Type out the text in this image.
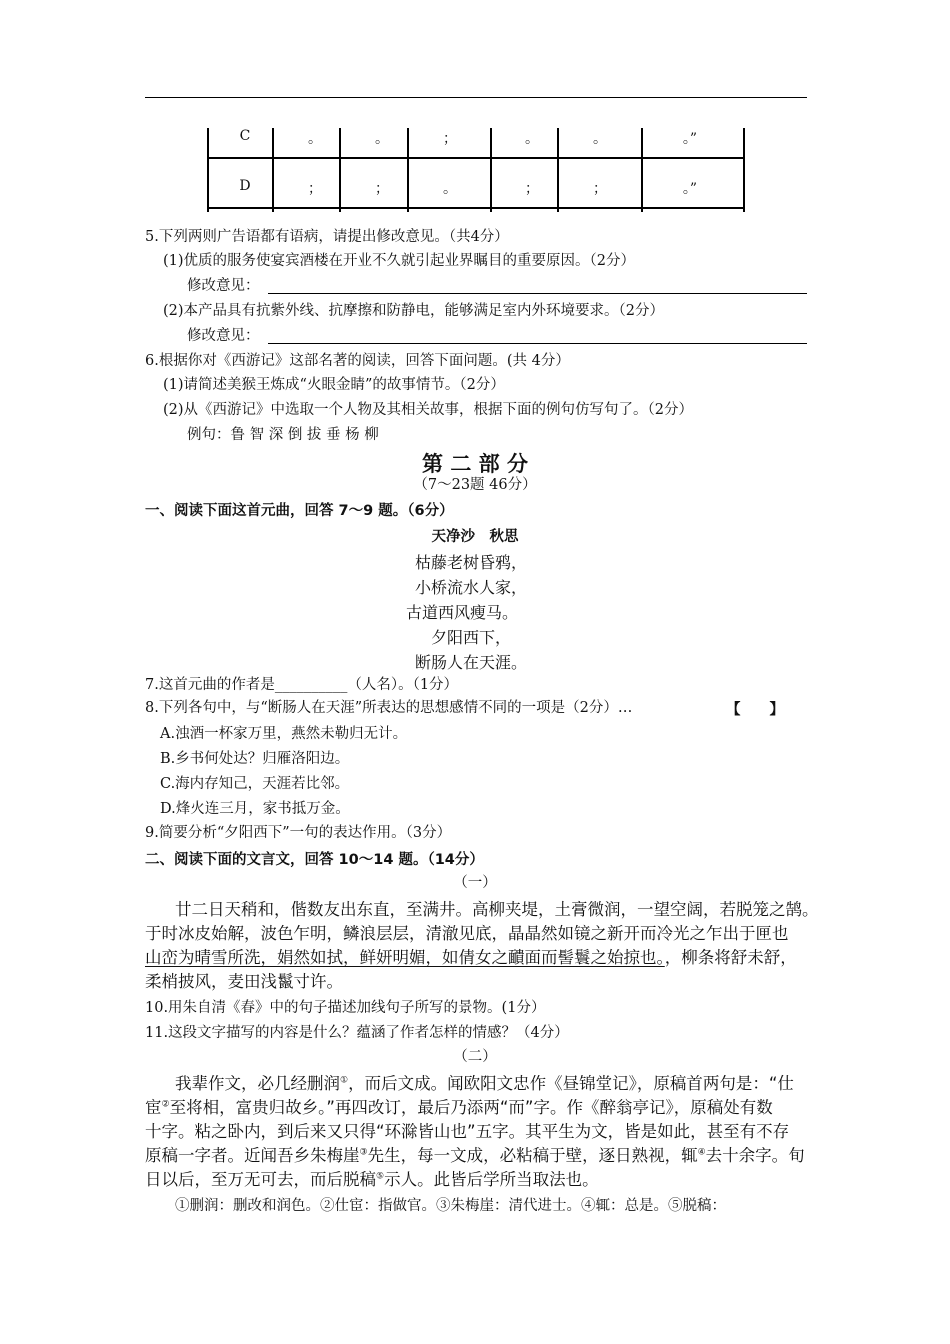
C	。	。	；	。	。	。”
D	；	；	。	；	；	。”
5.下列两则广告语都有语病，请提出修改意见。（共4分）
(1)优质的服务使宴宾酒楼在开业不久就引起业界瞩目的重要原因。（2分）
修改意见：
(2)本产品具有抗紫外线、抗摩擦和防静电，能够满足室内外环境要求。（2分）
修改意见：
6.根据你对《西游记》这部名著的阅读，回答下面问题。(共 4分）
(1)请简述美猴王炼成“火眼金睛”的故事情节。（2分）
(2)从《西游记》中选取一个人物及其相关故事，根据下面的例句仿写句了。（2分）
例句：鲁 智 深 倒 拔 垂 杨 柳
第 二 部 分
（7～23题 46分）
一、阅读下面这首元曲，回答 7～9 题。（6分）
天净沙　秋思
枯藤老树昏鸦，
小桥流水人家，
古道西风瘦马。
夕阳西下，
断肠人在天涯。
7.这首元曲的作者是__________（人名）。（1分）
8.下列各句中，与“断肠人在天涯”所表达的思想感情不同的一项是（2分）…	【　　】
A.浊酒一杯家万里，燕然未勒归无计。
B.乡书何处达？归雁洛阳边。
C.海内存知己，天涯若比邻。
D.烽火连三月，家书抵万金。
9.简要分析“夕阳西下”一句的表达作用。（3分）
二、阅读下面的文言文，回答 10～14 题。（14分）
（一）
廿二日天稍和，偕数友出东直，至满井。高柳夹堤，土膏微润，一望空阔，若脱笼之鹄。
于时冰皮始解，波色乍明，鳞浪层层，清澈见底，晶晶然如镜之新开而冷光之乍出于匣也
山峦为晴雪所洗，娟然如拭，鲜妍明媚，如倩女之靧面而髻鬟之始掠也。，柳条将舒未舒，
柔梢披风，麦田浅鬣寸许。
10.用朱自清《春》中的句子描述加线句子所写的景物。(1分）
11.这段文字描写的内容是什么？蕴涵了作者怎样的情感？（4分）
（二）
我辈作文，必几经删润①，而后文成。闻欧阳文忠作《昼锦堂记》，原稿首两句是：“仕
宦②至将相，富贵归故乡。”再四改订，最后乃添两“而”字。作《醉翁亭记》，原稿处有数
十字。粘之卧内，到后来又只得“环滁皆山也”五字。其平生为文，皆是如此，甚至有不存
原稿一字者。近闻吾乡朱梅崖③先生，每一文成，必粘稿于壁，逐日熟视，辄④去十余字。旬
日以后，至万无可去，而后脱稿⑤示人。此皆后学所当取法也。
①删润：删改和润色。②仕宦：指做官。③朱梅崖：清代进士。④辄：总是。⑤脱稿：
